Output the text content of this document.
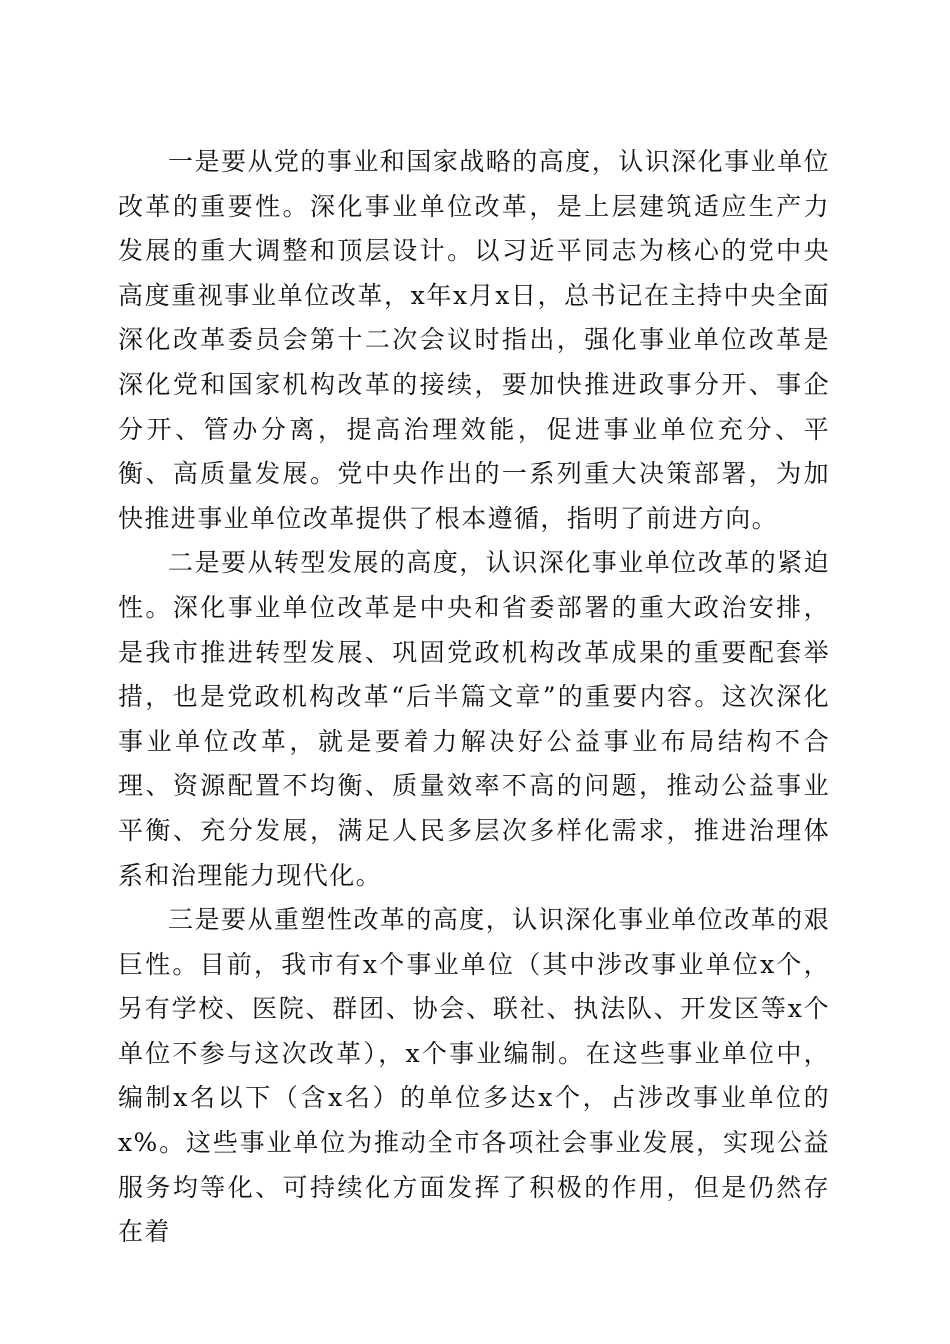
一是要从党的事业和国家战略的高度，认识深化事业单位改革的重要性。深化事业单位改革，是上层建筑适应生产力发展的重大调整和顶层设计。以习近平同志为核心的党中央高度重视事业单位改革，x年x月x日，总书记在主持中央全面深化改革委员会第十二次会议时指出，强化事业单位改革是深化党和国家机构改革的接续，要加快推进政事分开、事企分开、管办分离，提高治理效能，促进事业单位充分、平衡、高质量发展。党中央作出的一系列重大决策部署，为加快推进事业单位改革提供了根本遵循，指明了前进方向。

二是要从转型发展的高度，认识深化事业单位改革的紧迫性。深化事业单位改革是中央和省委部署的重大政治安排，是我市推进转型发展、巩固党政机构改革成果的重要配套举措，也是党政机构改革“后半篇文章”的重要内容。这次深化事业单位改革，就是要着力解决好公益事业布局结构不合理、资源配置不均衡、质量效率不高的问题，推动公益事业平衡、充分发展，满足人民多层次多样化需求，推进治理体系和治理能力现代化。

三是要从重塑性改革的高度，认识深化事业单位改革的艰巨性。目前，我市有x个事业单位（其中涉改事业单位x个，另有学校、医院、群团、协会、联社、执法队、开发区等x个单位不参与这次改革），x个事业编制。在这些事业单位中，编制x名以下（含x名）的单位多达x个，占涉改事业单位的x%。这些事业单位为推动全市各项社会事业发展，实现公益服务均等化、可持续化方面发挥了积极的作用，但是仍然存在着
